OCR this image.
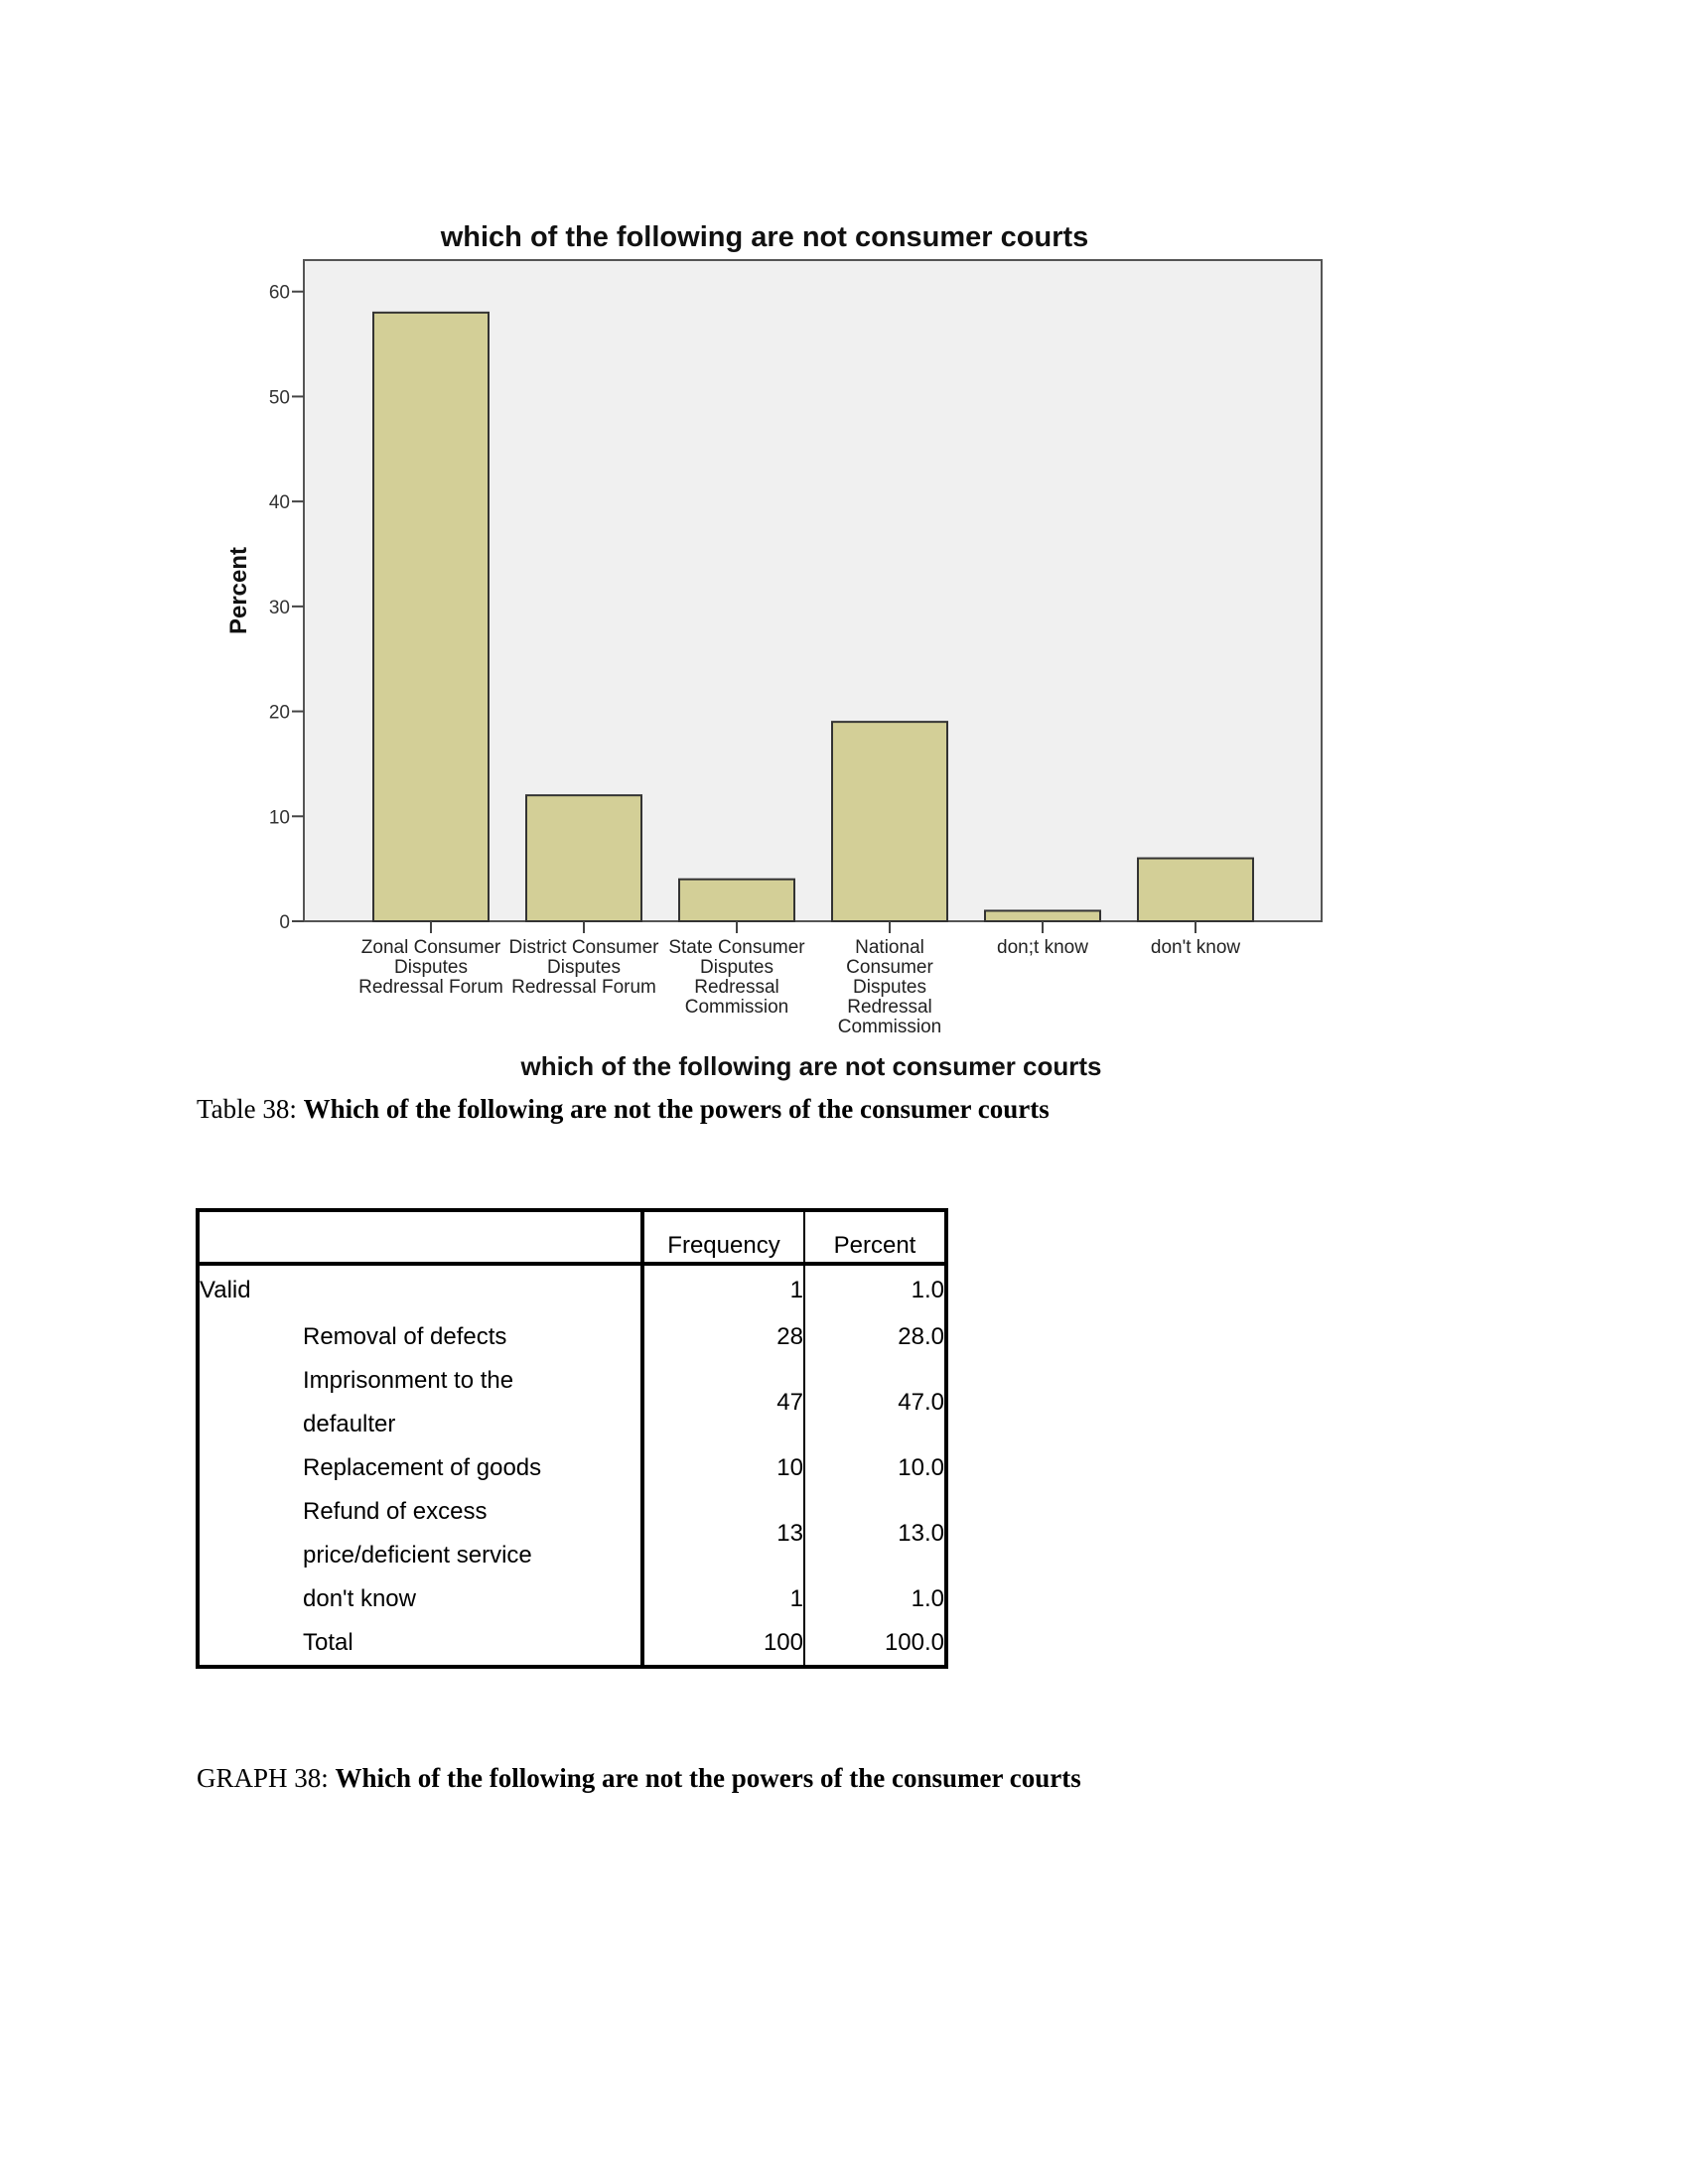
which of the following are not consumer courts
0
10
20
30
40
50
60
Zonal Consumer
Disputes
Redressal Forum
District Consumer
Disputes
Redressal Forum
State Consumer
Disputes
Redressal
Commission
National
Consumer
Disputes
Redressal
Commission
don;t know	don't know
Percent
which of the following are not consumer courts
Table 38: Which of the following are not the powers of the consumer courts
		Frequency	Percent
Valid		1	1.0
	Removal of defects	28	28.0

	Imprisonment to the
defaulter	47	47.0
	Replacement of goods	10	10.0

	Refund of excess
price/deficient service	13	13.0
	don't know	1	1.0
	Total	100	100.0
GRAPH 38: Which of the following are not the powers of the consumer courts
